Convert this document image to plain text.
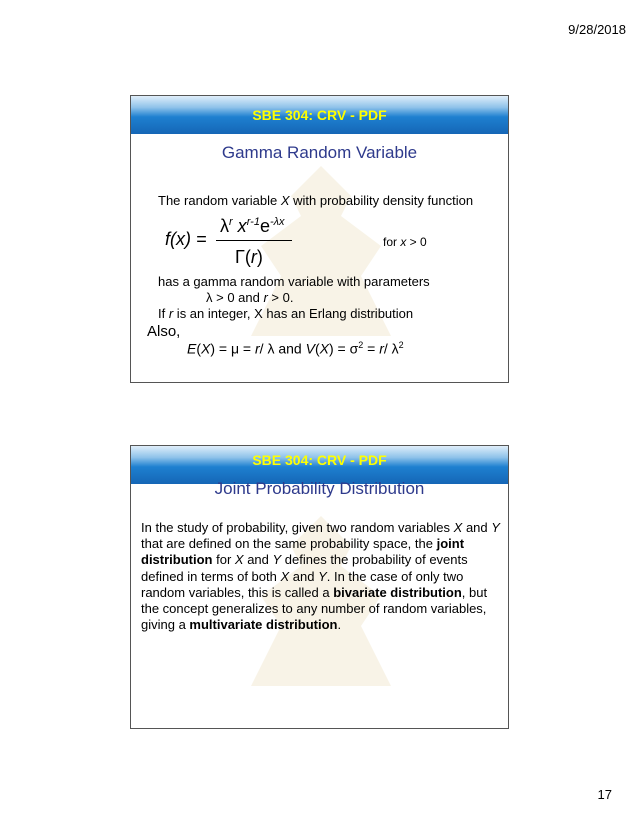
9/28/2018
SBE 304: CRV - PDF
Gamma Random Variable
The random variable X with probability density function
f(x) =
$\lambda^r$ $x^{r-1}e^{-\lambda x}$
Γ(r)
for x > 0
has a gamma random variable with parameters
λ > 0 and r > 0.
If r is an integer, X has an Erlang distribution
Also,
E(X) = μ = r/ λ and $V(X) = \sigma^2 = r/$ $\lambda^2$
SBE 304: CRV - PDF
Joint Probability Distribution
In the study of probability, given two random variables X and Y that are defined on the same probability space, the joint distribution for X and Y defines the probability of events defined in terms of both X and Y. In the case of only two random variables, this is called a bivariate distribution, but the concept generalizes to any number of random variables, giving a multivariate distribution.
17
